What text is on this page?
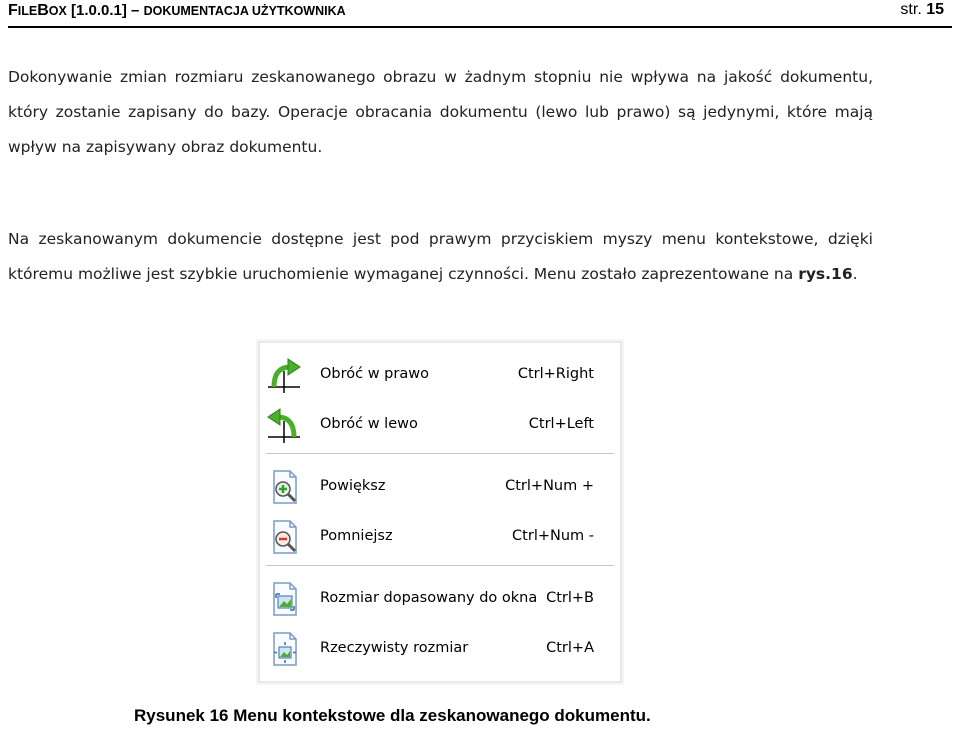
FILEBOX [1.0.0.1] – DOKUMENTACJA UŻYTKOWNIKA	str. 15

Dokonywanie zmian rozmiaru zeskanowanego obrazu w żadnym stopniu nie wpływa na jakość dokumentu, który zostanie zapisany do bazy. Operacje obracania dokumentu (lewo lub prawo) są jedynymi, które mają wpływ na zapisywany obraz dokumentu.

Na zeskanowanym dokumencie dostępne jest pod prawym przyciskiem myszy menu kontekstowe, dzięki któremu możliwe jest szybkie uruchomienie wymaganej czynności. Menu zostało zaprezentowane na rys.16.

Obróć w prawo	Ctrl+Right
Obróć w lewo	Ctrl+Left
Powiększ	Ctrl+Num +
Pomniejsz	Ctrl+Num -
Rozmiar dopasowany do okna Ctrl+B
Rzeczywisty rozmiar	Ctrl+A
Rysunek 16 Menu kontekstowe dla zeskanowanego dokumentu.
